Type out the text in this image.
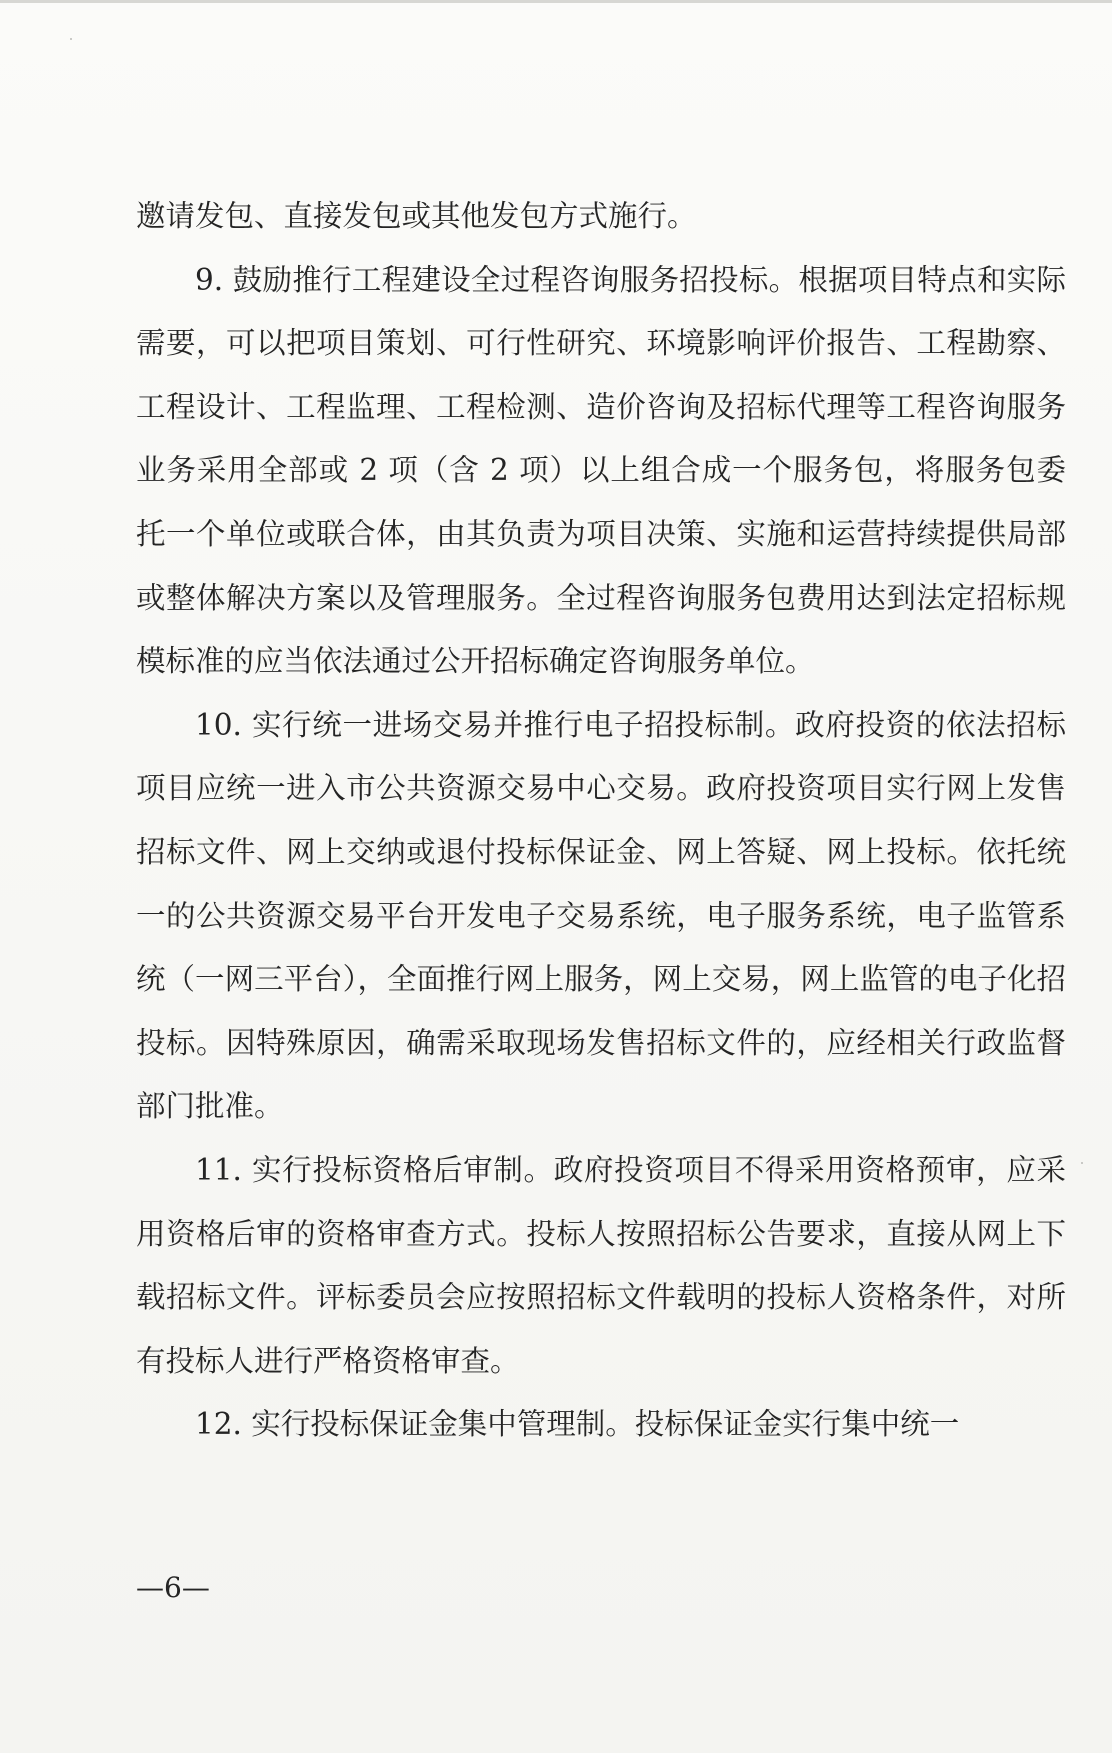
邀请发包、直接发包或其他发包方式施行。

9. 鼓励推行工程建设全过程咨询服务招投标。根据项目特点和实际需要，可以把项目策划、可行性研究、环境影响评价报告、工程勘察、工程设计、工程监理、工程检测、造价咨询及招标代理等工程咨询服务业务采用全部或 2 项（含 2 项）以上组合成一个服务包，将服务包委托一个单位或联合体，由其负责为项目决策、实施和运营持续提供局部或整体解决方案以及管理服务。全过程咨询服务包费用达到法定招标规模标准的应当依法通过公开招标确定咨询服务单位。

10. 实行统一进场交易并推行电子招投标制。政府投资的依法招标项目应统一进入市公共资源交易中心交易。政府投资项目实行网上发售招标文件、网上交纳或退付投标保证金、网上答疑、网上投标。依托统一的公共资源交易平台开发电子交易系统，电子服务系统，电子监管系统（一网三平台），全面推行网上服务，网上交易，网上监管的电子化招投标。因特殊原因，确需采取现场发售招标文件的，应经相关行政监督部门批准。

11. 实行投标资格后审制。政府投资项目不得采用资格预审，应采用资格后审的资格审查方式。投标人按照招标公告要求，直接从网上下载招标文件。评标委员会应按照招标文件载明的投标人资格条件，对所有投标人进行严格资格审查。

12. 实行投标保证金集中管理制。投标保证金实行集中统一

—6—
